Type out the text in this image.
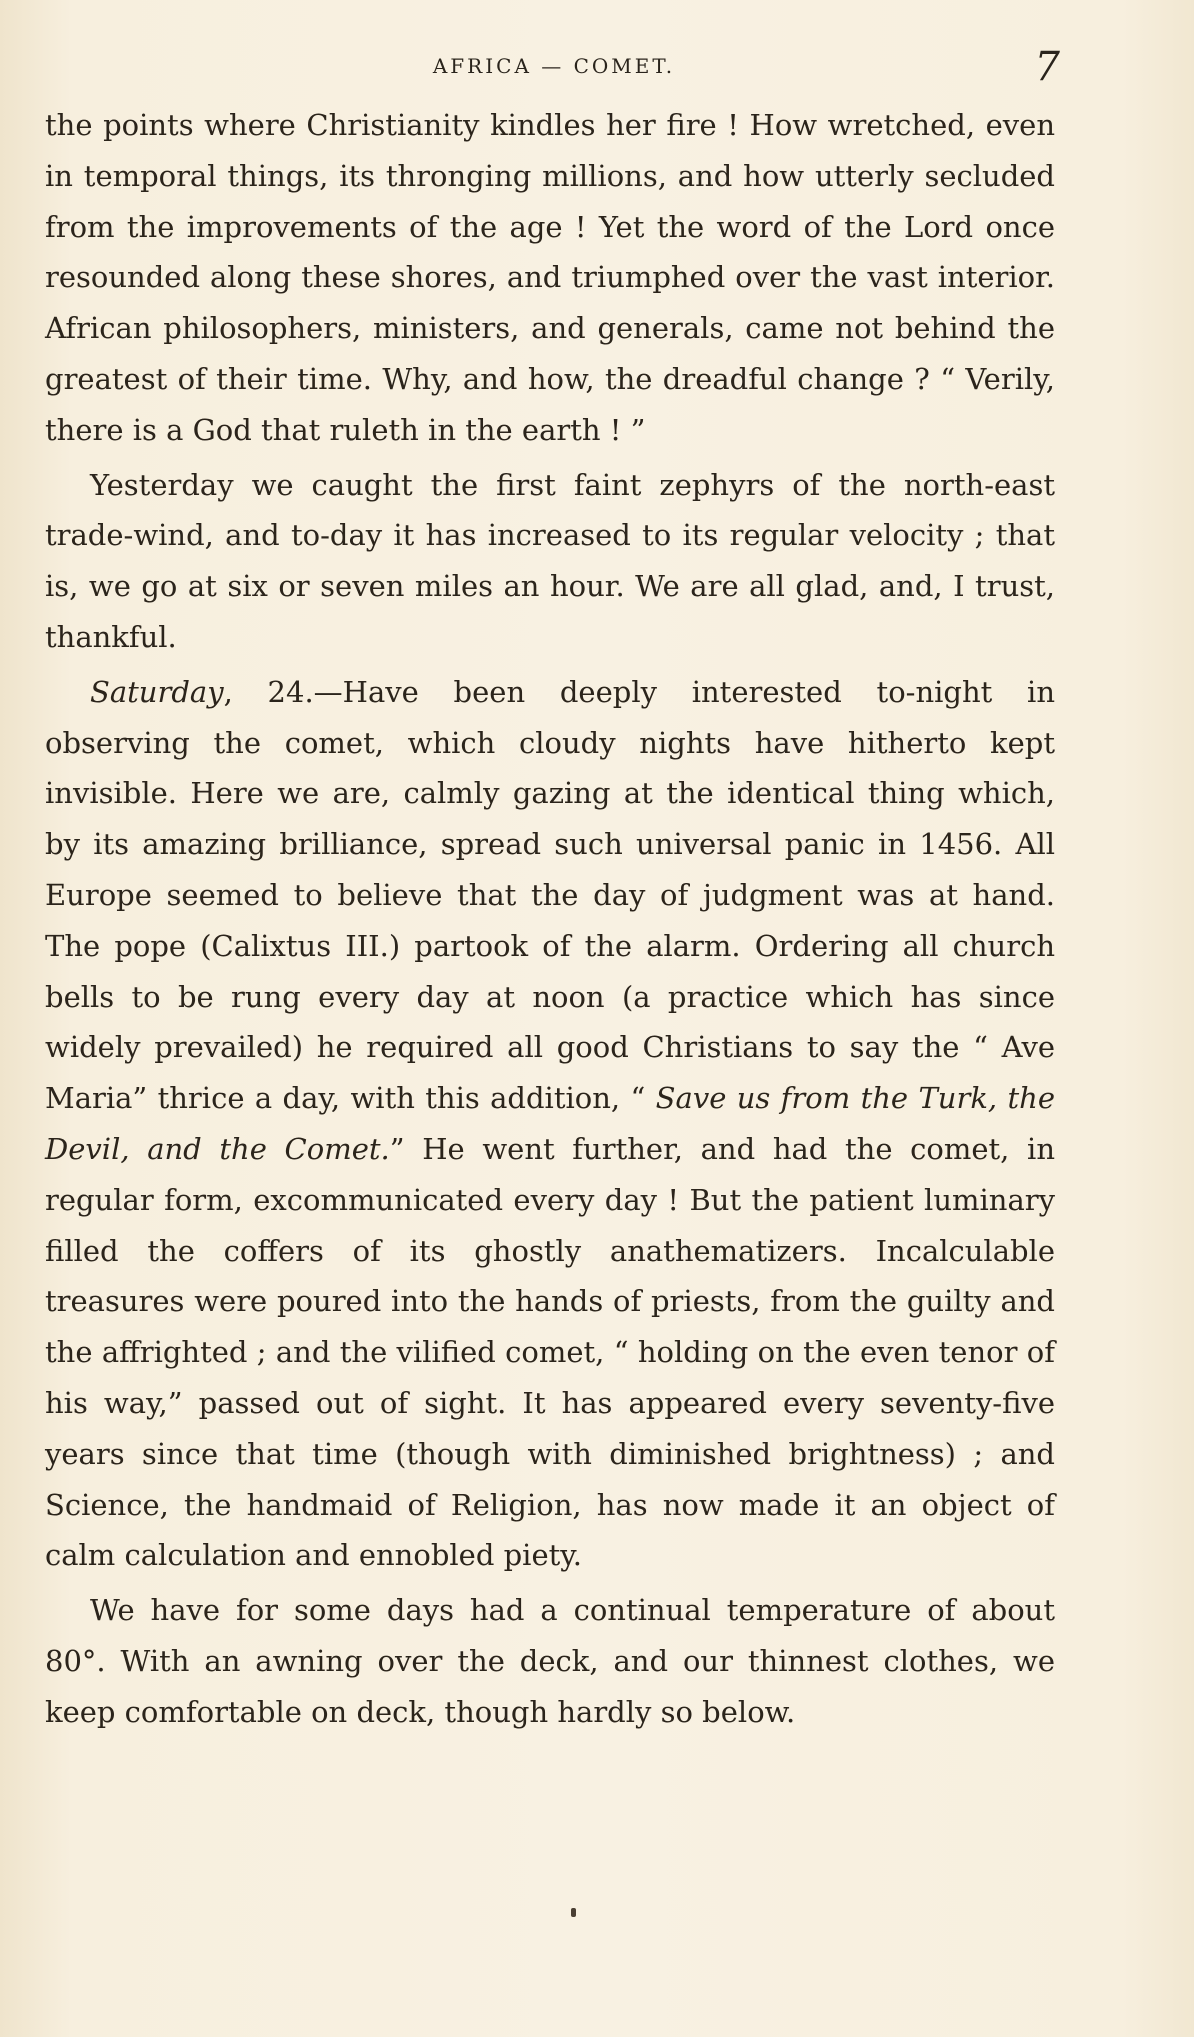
AFRICA — COMET.	7

the points where Christianity kindles her fire ! How wretched, even in temporal things, its thronging millions, and how utterly secluded from the improvements of the age ! Yet the word of the Lord once resounded along these shores, and triumphed over the vast interior. African philosophers, ministers, and generals, came not behind the greatest of their time. Why, and how, the dreadful change ? “ Verily, there is a God that ruleth in the earth ! ”

Yesterday we caught the first faint zephyrs of the north-east trade-wind, and to-day it has increased to its regular velocity ; that is, we go at six or seven miles an hour. We are all glad, and, I trust, thankful.

Saturday, 24.—Have been deeply interested to-night in observing the comet, which cloudy nights have hitherto kept invisible. Here we are, calmly gazing at the identical thing which, by its amazing brilliance, spread such universal panic in 1456. All Europe seemed to believe that the day of judgment was at hand. The pope (Calixtus III.) partook of the alarm. Ordering all church bells to be rung every day at noon (a practice which has since widely prevailed) he required all good Christians to say the “ Ave Maria” thrice a day, with this addition, “ Save us from the Turk, the Devil, and the Comet.” He went further, and had the comet, in regular form, excommunicated every day ! But the patient luminary filled the coffers of its ghostly anathematizers. Incalculable treasures were poured into the hands of priests, from the guilty and the affrighted ; and the vilified comet, “ holding on the even tenor of his way,” passed out of sight. It has appeared every seventy-five years since that time (though with diminished brightness) ; and Science, the handmaid of Religion, has now made it an object of calm calculation and ennobled piety.

We have for some days had a continual temperature of about 80°. With an awning over the deck, and our thinnest clothes, we keep comfortable on deck, though hardly so below.
